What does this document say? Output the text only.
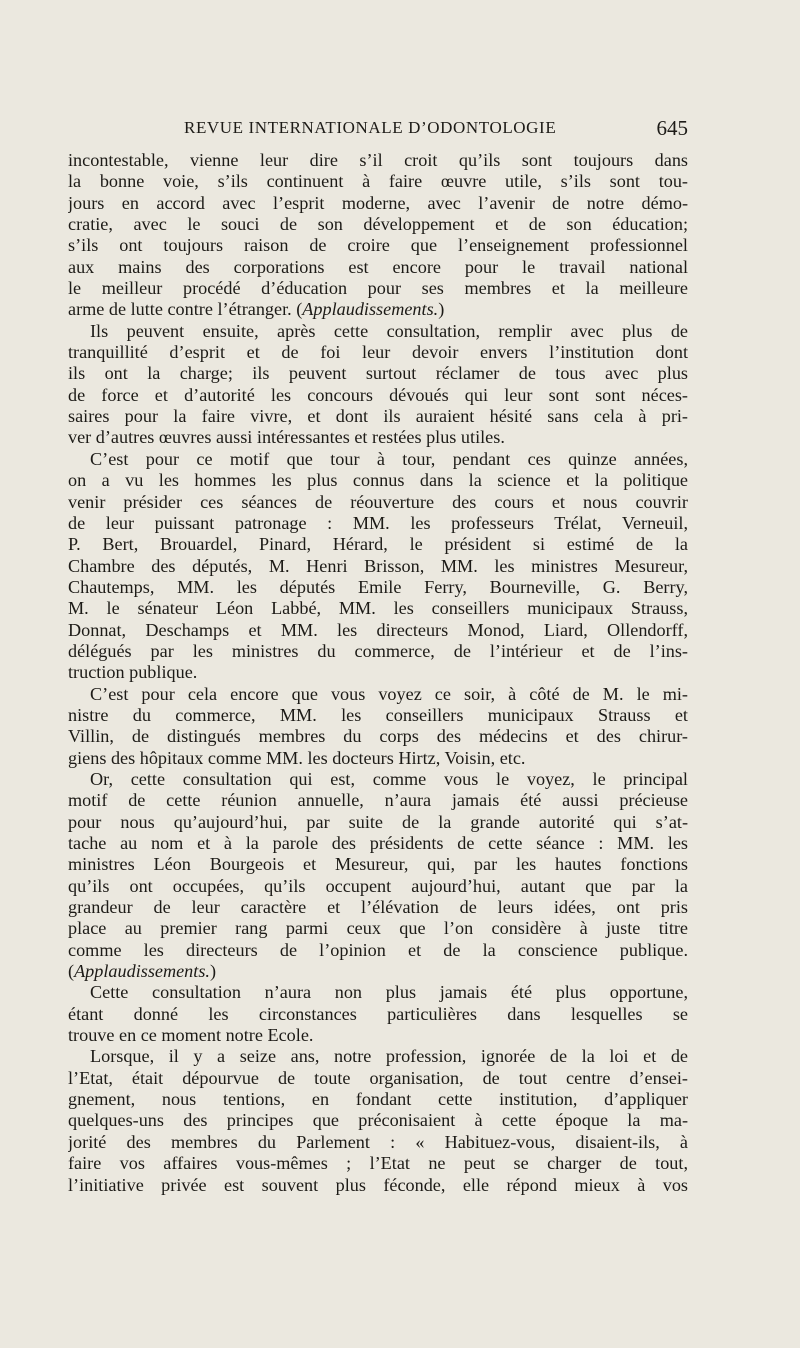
REVUE INTERNATIONALE D’ODONTOLOGIE	645
incontestable, vienne leur dire s’il croit qu’ils sont toujours dans
la bonne voie, s’ils continuent à faire œuvre utile, s’ils sont tou-
jours en accord avec l’esprit moderne, avec l’avenir de notre démo-
cratie, avec le souci de son développement et de son éducation;
s’ils ont toujours raison de croire que l’enseignement professionnel
aux mains des corporations est encore pour le travail national
le meilleur procédé d’éducation pour ses membres et la meilleure
arme de lutte contre l’étranger. (Applaudissements.)
Ils peuvent ensuite, après cette consultation, remplir avec plus de
tranquillité d’esprit et de foi leur devoir envers l’institution dont
ils ont la charge; ils peuvent surtout réclamer de tous avec plus
de force et d’autorité les concours dévoués qui leur sont sont néces-
saires pour la faire vivre, et dont ils auraient hésité sans cela à pri-
ver d’autres œuvres aussi intéressantes et restées plus utiles.
C’est pour ce motif que tour à tour, pendant ces quinze années,
on a vu les hommes les plus connus dans la science et la politique
venir présider ces séances de réouverture des cours et nous couvrir
de leur puissant patronage : MM. les professeurs Trélat, Verneuil,
P. Bert, Brouardel, Pinard, Hérard, le président si estimé de la
Chambre des députés, M. Henri Brisson, MM. les ministres Mesureur,
Chautemps, MM. les députés Emile Ferry, Bourneville, G. Berry,
M. le sénateur Léon Labbé, MM. les conseillers municipaux Strauss,
Donnat, Deschamps et MM. les directeurs Monod, Liard, Ollendorff,
délégués par les ministres du commerce, de l’intérieur et de l’ins-
truction publique.
C’est pour cela encore que vous voyez ce soir, à côté de M. le mi-
nistre du commerce, MM. les conseillers municipaux Strauss et
Villin, de distingués membres du corps des médecins et des chirur-
giens des hôpitaux comme MM. les docteurs Hirtz, Voisin, etc.
Or, cette consultation qui est, comme vous le voyez, le principal
motif de cette réunion annuelle, n’aura jamais été aussi précieuse
pour nous qu’aujourd’hui, par suite de la grande autorité qui s’at-
tache au nom et à la parole des présidents de cette séance : MM. les
ministres Léon Bourgeois et Mesureur, qui, par les hautes fonctions
qu’ils ont occupées, qu’ils occupent aujourd’hui, autant que par la
grandeur de leur caractère et l’élévation de leurs idées, ont pris
place au premier rang parmi ceux que l’on considère à juste titre
comme les directeurs de l’opinion et de la conscience publique.
(Applaudissements.)
Cette consultation n’aura non plus jamais été plus opportune,
étant donné les circonstances particulières dans lesquelles se
trouve en ce moment notre Ecole.
Lorsque, il y a seize ans, notre profession, ignorée de la loi et de
l’Etat, était dépourvue de toute organisation, de tout centre d’ensei-
gnement, nous tentions, en fondant cette institution, d’appliquer
quelques-uns des principes que préconisaient à cette époque la ma-
jorité des membres du Parlement : « Habituez-vous, disaient-ils, à
faire vos affaires vous-mêmes ; l’Etat ne peut se charger de tout,
l’initiative privée est souvent plus féconde, elle répond mieux à vos
